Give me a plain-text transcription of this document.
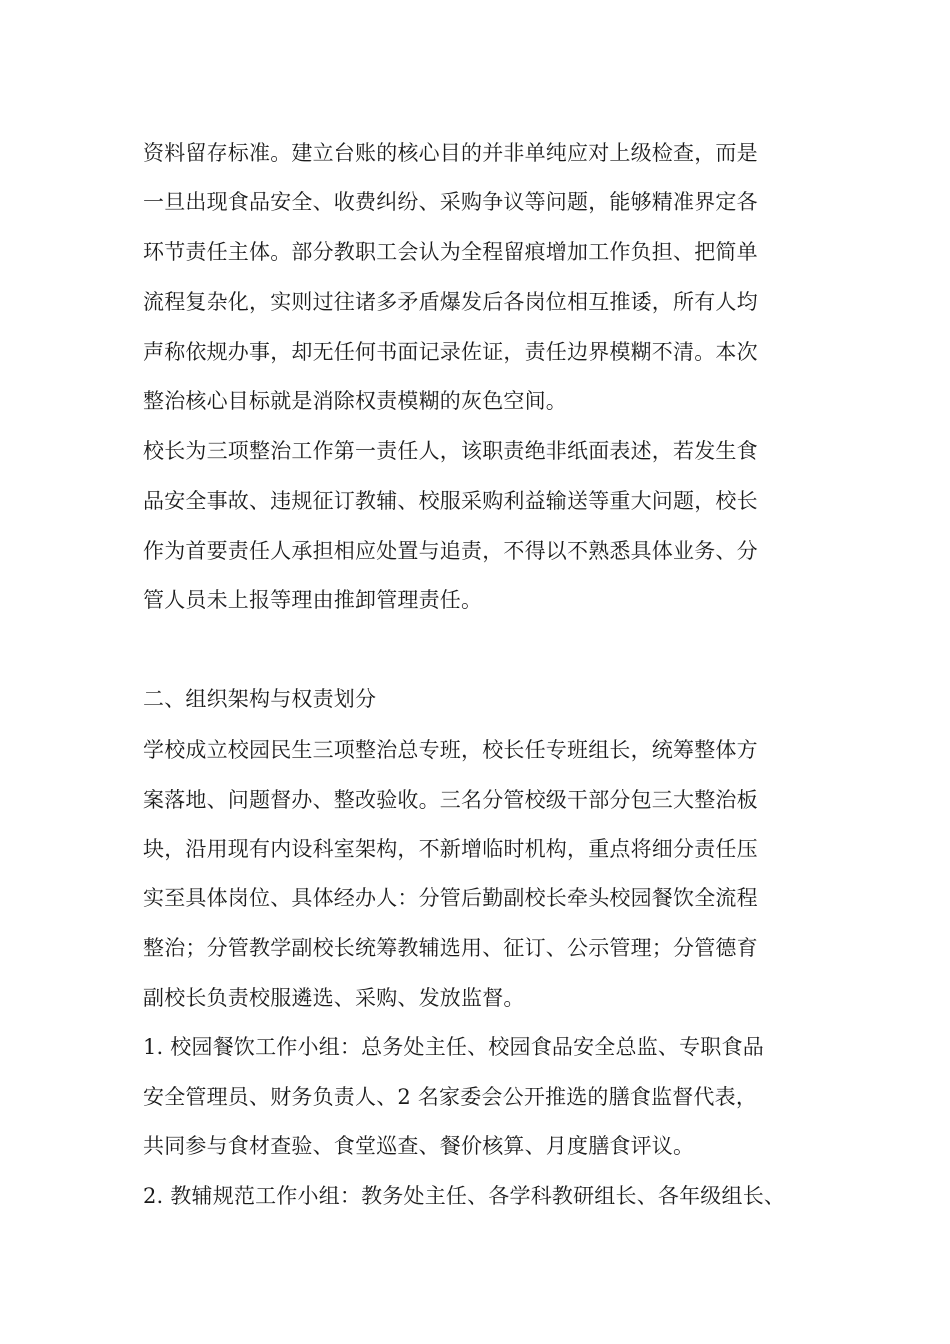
资料留存标准。建立台账的核心目的并非单纯应对上级检查，而是
一旦出现食品安全、收费纠纷、采购争议等问题，能够精准界定各
环节责任主体。部分教职工会认为全程留痕增加工作负担、把简单
流程复杂化，实则过往诸多矛盾爆发后各岗位相互推诿，所有人均
声称依规办事，却无任何书面记录佐证，责任边界模糊不清。本次
整治核心目标就是消除权责模糊的灰色空间。
校长为三项整治工作第一责任人，该职责绝非纸面表述，若发生食
品安全事故、违规征订教辅、校服采购利益输送等重大问题，校长
作为首要责任人承担相应处置与追责，不得以不熟悉具体业务、分
管人员未上报等理由推卸管理责任。
二、组织架构与权责划分
学校成立校园民生三项整治总专班，校长任专班组长，统筹整体方
案落地、问题督办、整改验收。三名分管校级干部分包三大整治板
块，沿用现有内设科室架构，不新增临时机构，重点将细分责任压
实至具体岗位、具体经办人：分管后勤副校长牵头校园餐饮全流程
整治；分管教学副校长统筹教辅选用、征订、公示管理；分管德育
副校长负责校服遴选、采购、发放监督。
1. 校园餐饮工作小组：总务处主任、校园食品安全总监、专职食品
安全管理员、财务负责人、2 名家委会公开推选的膳食监督代表，
共同参与食材查验、食堂巡查、餐价核算、月度膳食评议。
2. 教辅规范工作小组：教务处主任、各学科教研组长、各年级组长、
